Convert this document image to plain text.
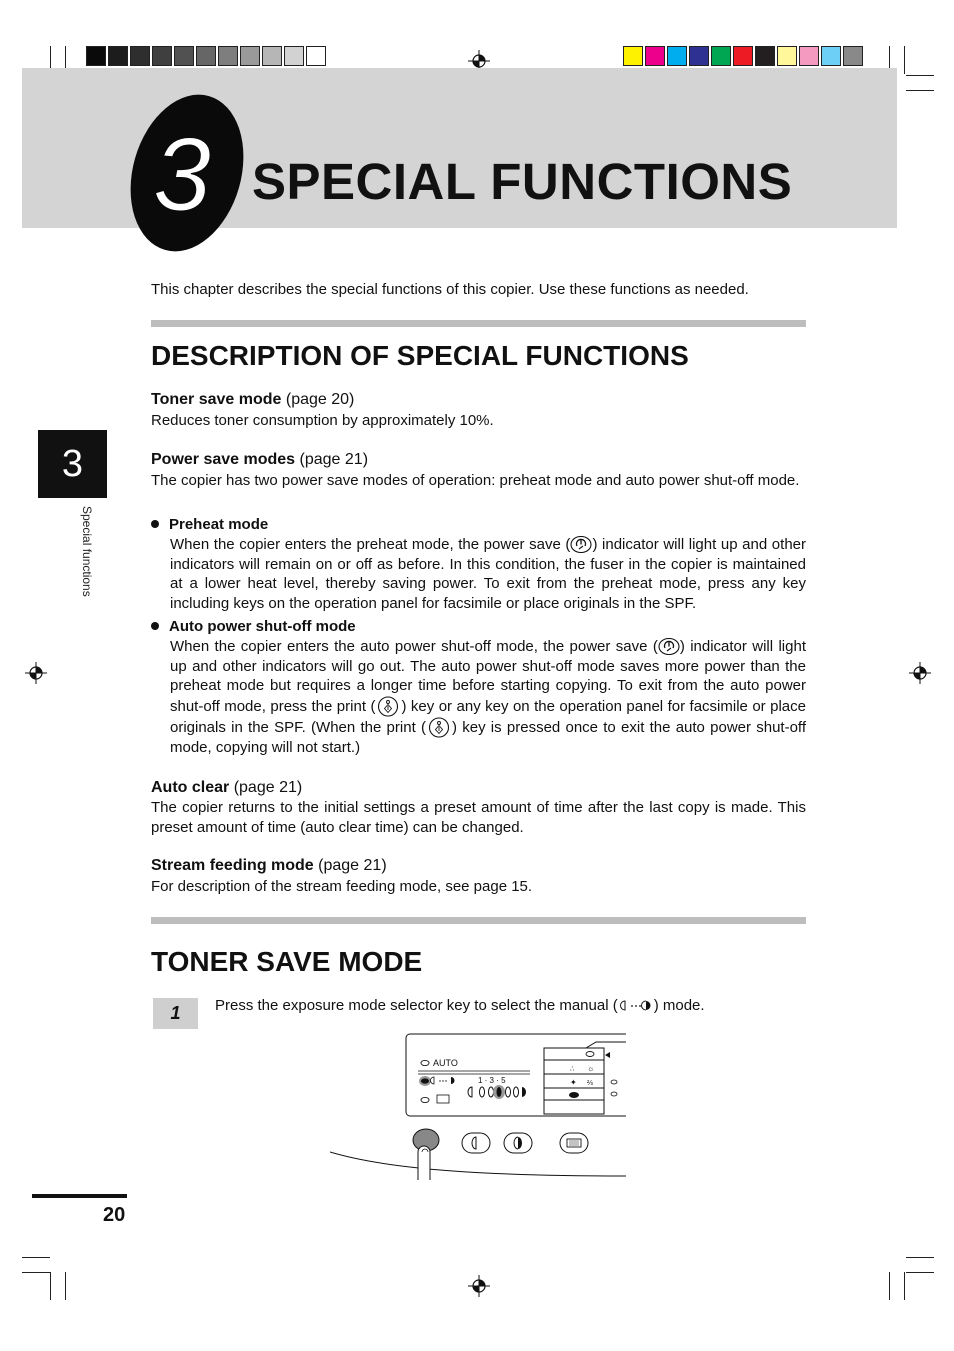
3 SPECIAL FUNCTIONS
This chapter describes the special functions of this copier. Use these functions as needed.
DESCRIPTION OF SPECIAL FUNCTIONS
Toner save mode (page 20)
Reduces toner consumption by approximately 10%.
Power save modes (page 21)
The copier has two power save modes of operation: preheat mode and auto power shut-off mode.
Preheat mode
When the copier enters the preheat mode, the power save ( ) indicator will light up and other indicators will remain on or off as before. In this condition, the fuser in the copier is maintained at a lower heat level, thereby saving power. To exit from the preheat mode, press any key including keys on the operation panel for facsimile or place originals in the SPF.
Auto power shut-off mode
When the copier enters the auto power shut-off mode, the power save ( ) indicator will light up and other indicators will go out. The auto power shut-off mode saves more power than the preheat mode but requires a longer time before starting copying. To exit from the auto power shut-off mode, press the print ( ) key or any key on the operation panel for facsimile or place originals in the SPF. (When the print ( ) key is pressed once to exit the auto power shut-off mode, copying will not start.)
Auto clear (page 21)
The copier returns to the initial settings a preset amount of time after the last copy is made. This preset amount of time (auto clear time) can be changed.
Stream feeding mode (page 21)
For description of the stream feeding mode, see page 15.
TONER SAVE MODE
1	Press the exposure mode selector key to select the manual ( ) mode.
AUTO
1 · 3 · 5
∴ ☼
✦ ⅔
3
Special functions
20
